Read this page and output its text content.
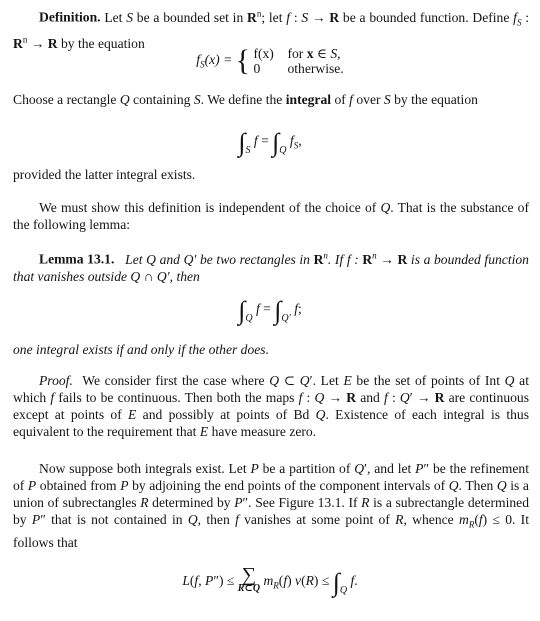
Definition. Let S be a bounded set in $R^n$; let f : S → R be a bounded function. Define $f_S$ : $R^n \to R$ by the equation

$f_S(x)$ = { f(x) for x ∈ S,
0 otherwise.

Choose a rectangle Q containing S. We define the integral of f over S by the equation

$\int_S$ $f = \int_Q$ $f_S$,

provided the latter integral exists.

We must show this definition is independent of the choice of Q. That is the substance of the following lemma:

Lemma 13.1. Let Q and Q′ be two rectangles in $R^n$. If f : $R^n \to R$ is a bounded function that vanishes outside Q ∩ Q′, then

$\int_Q$ $f = \int_{Q'}$ f;

one integral exists if and only if the other does.

Proof.  We consider first the case where Q ⊂ Q′. Let E be the set of points of Int Q at which f fails to be continuous. Then both the maps f : Q → R and f : Q′ → R are continuous except at points of E and possibly at points of Bd Q. Existence of each integral is thus equivalent to the requirement that E have measure zero.

Now suppose both integrals exist. Let P be a partition of Q′, and let P″ be the refinement of P obtained from P by adjoining the end points of the component intervals of Q. Then Q is a union of subrectangles R determined by P″. See Figure 13.1. If R is a subrectangle determined by P″ that is not contained in Q, then f vanishes at some point of R, whence $m_R(f) \le 0$. It follows that

L(f, P″) ≤ ∑
R⊂Q
$m_R(f) v(R) \le \int_Q$ f.
